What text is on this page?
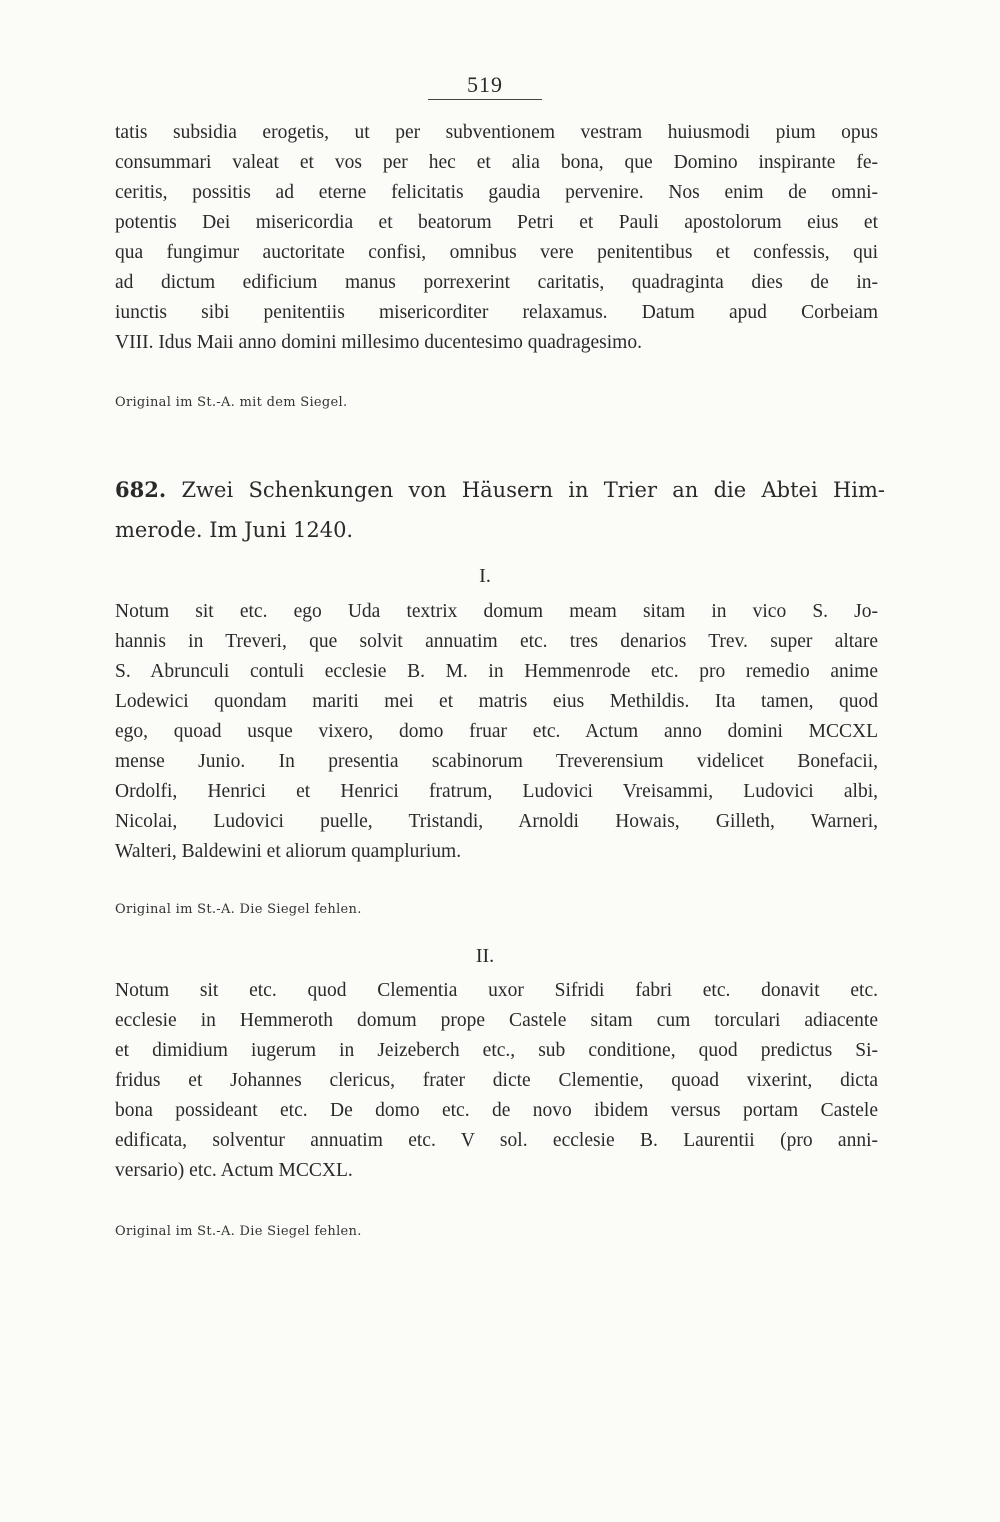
519

tatis subsidia erogetis, ut per subventionem vestram huiusmodi pium opus

consummari valeat et vos per hec et alia bona, que Domino inspirante fe-

ceritis, possitis ad eterne felicitatis gaudia pervenire. Nos enim de omni-

potentis Dei misericordia et beatorum Petri et Pauli apostolorum eius et

qua fungimur auctoritate confisi, omnibus vere penitentibus et confessis, qui

ad dictum edificium manus porrexerint caritatis, quadraginta dies de in-

iunctis sibi penitentiis misericorditer relaxamus. Datum apud Corbeiam

VIII. Idus Maii anno domini millesimo ducentesimo quadragesimo.

Original im St.-A. mit dem Siegel.
682. Zwei Schenkungen von Häusern in Trier an die Abtei Him-
merode. Im Juni 1240.
I.

Notum sit etc. ego Uda textrix domum meam sitam in vico S. Jo-

hannis in Treveri, que solvit annuatim etc. tres denarios Trev. super altare

S. Abrunculi contuli ecclesie B. M. in Hemmenrode etc. pro remedio anime

Lodewici quondam mariti mei et matris eius Methildis. Ita tamen, quod

ego, quoad usque vixero, domo fruar etc. Actum anno domini MCCXL

mense Junio. In presentia scabinorum Treverensium videlicet Bonefacii,

Ordolfi, Henrici et Henrici fratrum, Ludovici Vreisammi, Ludovici albi,

Nicolai, Ludovici puelle, Tristandi, Arnoldi Howais, Gilleth, Warneri,

Walteri, Baldewini et aliorum quamplurium.

Original im St.-A. Die Siegel fehlen.
II.

Notum sit etc. quod Clementia uxor Sifridi fabri etc. donavit etc.

ecclesie in Hemmeroth domum prope Castele sitam cum torculari adiacente

et dimidium iugerum in Jeizeberch etc., sub conditione, quod predictus Si-

fridus et Johannes clericus, frater dicte Clementie, quoad vixerint, dicta

bona possideant etc. De domo etc. de novo ibidem versus portam Castele

edificata, solventur annuatim etc. V sol. ecclesie B. Laurentii (pro anni-

versario) etc. Actum MCCXL.

Original im St.-A. Die Siegel fehlen.
